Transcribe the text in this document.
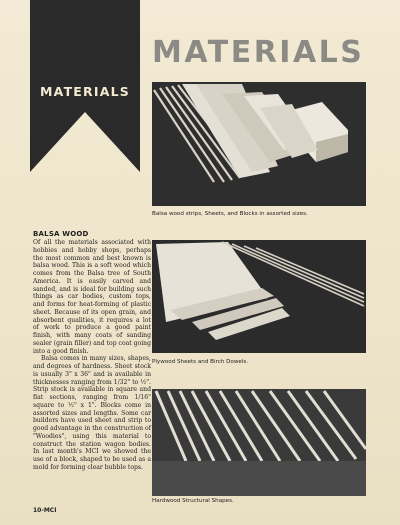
MATERIALS
MATERIALS
Balsa wood strips, Sheets, and Blocks in assorted sizes.
Plywood Sheets and Birch Dowels.
Hardwood Structural Shapes.
BALSA WOOD

Of all the materials associated with hobbies and hobby shops, perhaps the most common and best known is balsa wood. This is a soft wood which comes from the Balsa tree of South America. It is easily carved and sanded, and is ideal for building such things as car bodies, custom tops, and forms for heat-forming of plastic sheet. Because of its open grain, and absorbent qualities, it requires a lot of work to produce a good paint finish, with many coats of sanding sealer (grain filler) and top coat going into a good finish.

Balsa comes in many sizes, shapes, and degrees of hardness. Sheet stock is usually 3" x 36" and is available in thicknesses ranging from 1/32" to ½". Strip stock is available in square and flat sections, ranging from 1/16" square to ½" x 1". Blocks come in assorted sizes and lengths. Some car builders have used sheet and strip to good advantage in the construction of "Woodies", using this material to construct the station wagon bodies. In last month's MCI we showed the use of a block, shaped to be used as a mold for forming clear bubble tops.

10-MCI
